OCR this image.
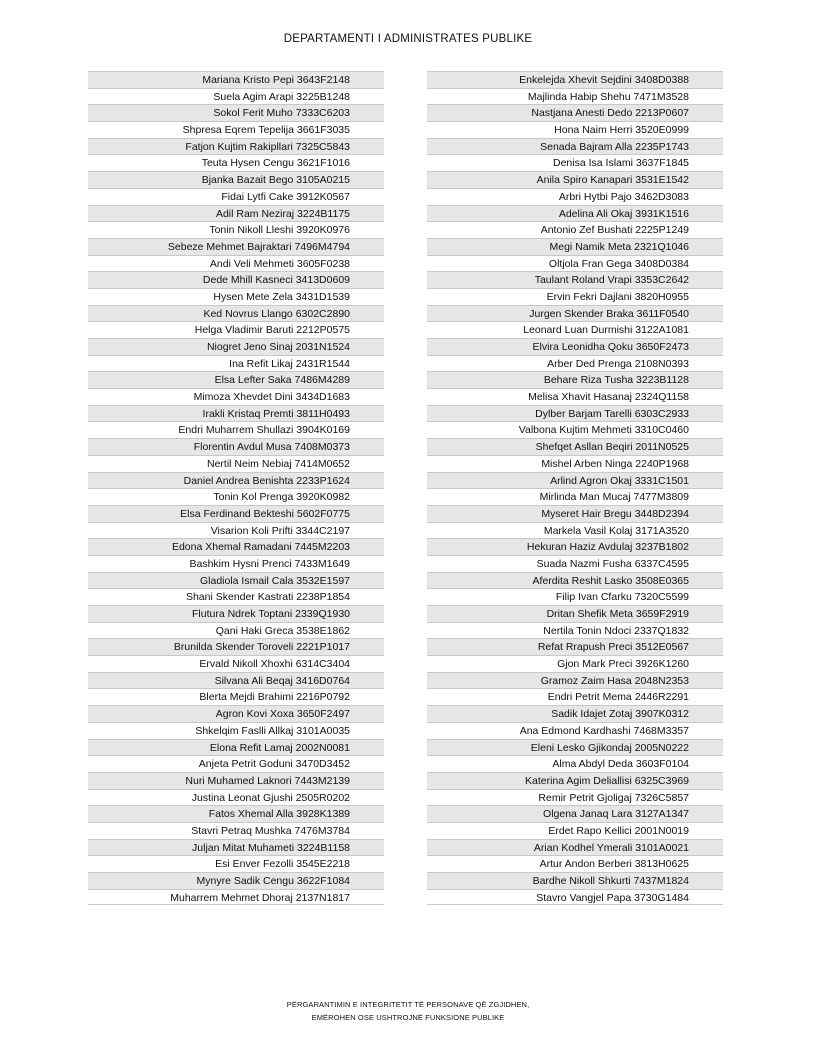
DEPARTAMENTI I ADMINISTRATES PUBLIKE
Mariana Kristo Pepi 3643F2148
Suela Agim Arapi 3225B1248
Sokol Ferit Muho 7333C6203
Shpresa Eqrem Tepelija 3661F3035
Fatjon Kujtim Rakipllari 7325C5843
Teuta Hysen Cengu 3621F1016
Bjanka Bazait Bego 3105A0215
Fidai Lytfi Cake 3912K0567
Adil Ram Neziraj 3224B1175
Tonin Nikoll Lleshi 3920K0976
Sebeze Mehmet Bajraktari 7496M4794
Andi Veli Mehmeti 3605F0238
Dede Mhill Kasneci 3413D0609
Hysen Mete Zela 3431D1539
Ked Novrus Llango 6302C2890
Helga Vladimir Baruti 2212P0575
Niogret Jeno Sinaj 2031N1524
Ina Refit Likaj 2431R1544
Elsa Lefter Saka 7486M4289
Mimoza Xhevdet Dini 3434D1683
Irakli Kristaq Premti 3811H0493
Endri Muharrem Shullazi 3904K0169
Florentin Avdul Musa 7408M0373
Nertil Neim Nebiaj 7414M0652
Daniel Andrea Benishta 2233P1624
Tonin Kol Prenga 3920K0982
Elsa Ferdinand Bekteshi 5602F0775
Visarion Koli Prifti 3344C2197
Edona Xhemal Ramadani 7445M2203
Bashkim Hysni Prenci 7433M1649
Gladiola Ismail Cala 3532E1597
Shani Skender Kastrati 2238P1854
Flutura Ndrek Toptani 2339Q1930
Qani Haki Greca 3538E1862
Brunilda Skender Toroveli 2221P1017
Ervald Nikoll Xhoxhi 6314C3404
Silvana Ali Beqaj 3416D0764
Blerta Mejdi Brahimi 2216P0792
Agron Kovi Xoxa 3650F2497
Shkelqim Faslli Allkaj 3101A0035
Elona Refit Lamaj 2002N0081
Anjeta Petrit Goduni 3470D3452
Nuri Muhamed Laknori 7443M2139
Justina Leonat Gjushi 2505R0202
Fatos Xhemal Alla 3928K1389
Stavri Petraq Mushka 7476M3784
Juljan Mitat Muhameti 3224B1158
Esi Enver Fezolli 3545E2218
Mynyre Sadik Cengu 3622F1084
Muharrem Mehmet Dhoraj 2137N1817
Enkelejda Xhevit Sejdini 3408D0388
Majlinda Habip Shehu 7471M3528
Nastjana Anesti Dedo 2213P0607
Hona Naim Herri 3520E0999
Senada Bajram Alla 2235P1743
Denisa Isa Islami 3637F1845
Anila Spiro Kanapari 3531E1542
Arbri Hytbi Pajo 3462D3083
Adelina Ali Okaj 3931K1516
Antonio Zef Bushati 2225P1249
Megi Namik Meta 2321Q1046
Oltjola Fran Gega 3408D0384
Taulant Roland Vrapi 3353C2642
Ervin Fekri Dajlani 3820H0955
Jurgen Skender Braka 3611F0540
Leonard Luan Durmishi 3122A1081
Elvira Leonidha Qoku 3650F2473
Arber Ded Prenga 2108N0393
Behare Riza Tusha 3223B1128
Melisa Xhavit Hasanaj 2324Q1158
Dylber Barjam Tarelli 6303C2933
Valbona Kujtim Mehmeti 3310C0460
Shefqet Asllan Beqiri 2011N0525
Mishel Arben Ninga 2240P1968
Arlind Agron Okaj 3331C1501
Mirlinda Man Mucaj 7477M3809
Myseret Hair Bregu 3448D2394
Markela Vasil Kolaj 3171A3520
Hekuran Haziz Avdulaj 3237B1802
Suada Nazmi Fusha 6337C4595
Aferdita Reshit Lasko 3508E0365
Filip Ivan Cfarku 7320C5599
Dritan Shefik Meta 3659F2919
Nertila Tonin Ndoci 2337Q1832
Refat Rrapush Preci 3512E0567
Gjon Mark Preci 3926K1260
Gramoz Zaim Hasa 2048N2353
Endri Petrit Mema 2446R2291
Sadik Idajet Zotaj 3907K0312
Ana Edmond Kardhashi 7468M3357
Eleni Lesko Gjikondaj 2005N0222
Alma Abdyl Deda 3603F0104
Katerina Agim Deliallisi 6325C3969
Remir Petrit Gjoligaj 7326C5857
Olgena Janaq Lara 3127A1347
Erdet Rapo Kellici 2001N0019
Arian Kodhel Ymerali 3101A0021
Artur Andon Berberi 3813H0625
Bardhe Nikoll Shkurti 7437M1824
Stavro Vangjel Papa 3730G1484
PËRGARANTIMIN E INTEGRITETIT TË PERSONAVE QË ZGJIDHEN,
EMËROHEN OSE USHTROJNË FUNKSIONE PUBLIKE
